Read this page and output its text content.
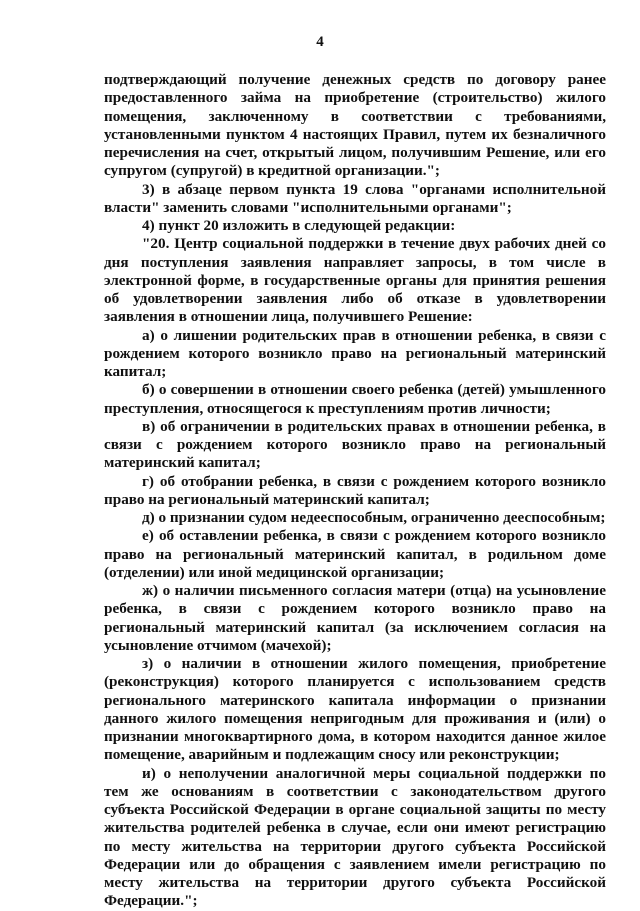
4

подтверждающий получение денежных средств по договору ранее предоставленного займа на приобретение (строительство) жилого помещения, заключенному в соответствии с требованиями, установленными пунктом 4 настоящих Правил, путем их безналичного перечисления на счет, открытый лицом, получившим Решение, или его супругом (супругой) в кредитной организации.";

3) в абзаце первом пункта 19 слова "органами исполнительной власти" заменить словами "исполнительными органами";

4) пункт 20 изложить в следующей редакции:

"20. Центр социальной поддержки в течение двух рабочих дней со дня поступления заявления направляет запросы, в том числе в электронной форме, в государственные органы для принятия решения об удовлетворении заявления либо об отказе в удовлетворении заявления в отношении лица, получившего Решение:

а) о лишении родительских прав в отношении ребенка, в связи с рождением которого возникло право на региональный материнский капитал;

б) о совершении в отношении своего ребенка (детей) умышленного преступления, относящегося к преступлениям против личности;

в) об ограничении в родительских правах в отношении ребенка, в связи с рождением которого возникло право на региональный материнский капитал;

г) об отобрании ребенка, в связи с рождением которого возникло право на региональный материнский капитал;

д) о признании судом недееспособным, ограниченно дееспособным;

е) об оставлении ребенка, в связи с рождением которого возникло право на региональный материнский капитал, в родильном доме (отделении) или иной медицинской организации;

ж) о наличии письменного согласия матери (отца) на усыновление ребенка, в связи с рождением которого возникло право на региональный материнский капитал (за исключением согласия на усыновление отчимом (мачехой);

з) о наличии в отношении жилого помещения, приобретение (реконструкция) которого планируется с использованием средств регионального материнского капитала информации о признании данного жилого помещения непригодным для проживания и (или) о признании многоквартирного дома, в котором находится данное жилое помещение, аварийным и подлежащим сносу или реконструкции;

и) о неполучении аналогичной меры социальной поддержки по тем же основаниям в соответствии с законодательством другого субъекта Российской Федерации в органе социальной защиты по месту жительства родителей ребенка в случае, если они имеют регистрацию по месту жительства на территории другого субъекта Российской Федерации или до обращения с заявлением имели регистрацию по месту жительства на территории другого субъекта Российской Федерации.";
